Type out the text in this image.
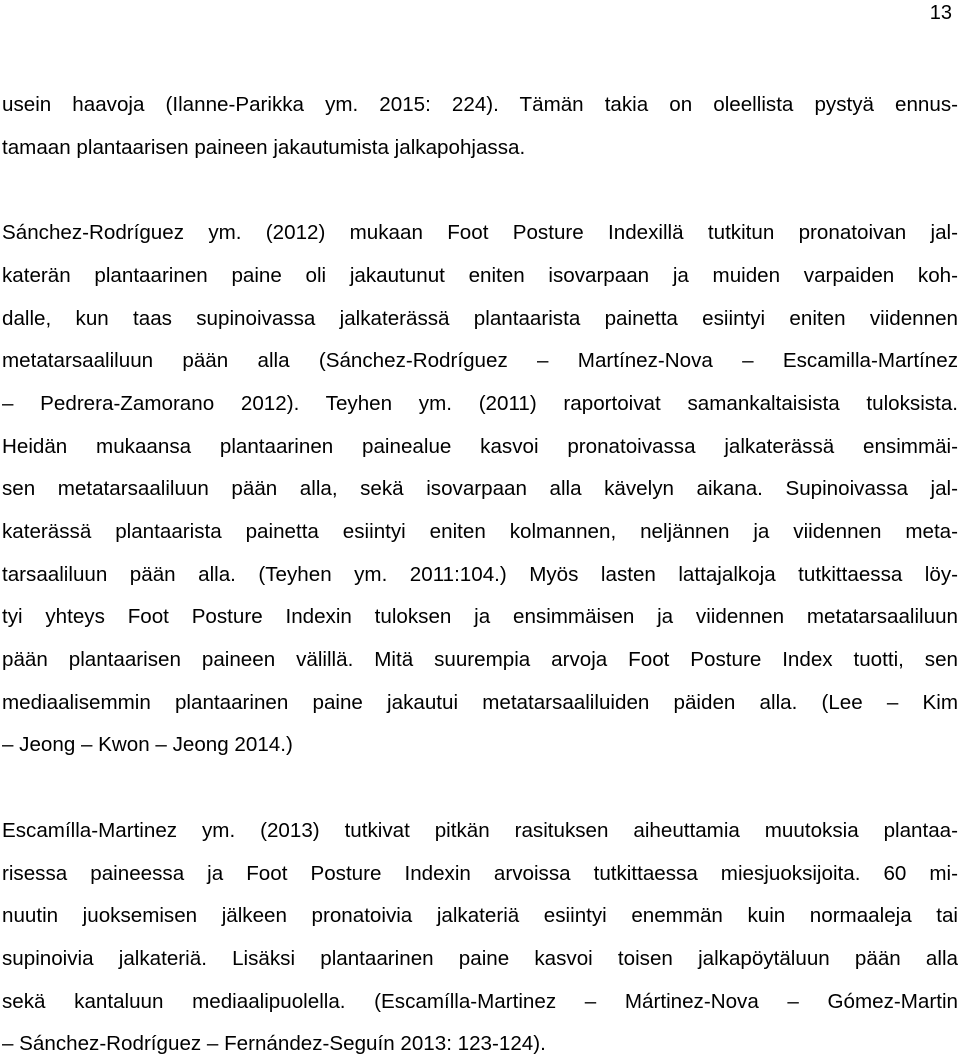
13
usein haavoja (Ilanne-Parikka ym. 2015: 224). Tämän takia on oleellista pystyä ennus-
tamaan plantaarisen paineen jakautumista jalkapohjassa.
Sánchez-Rodríguez ym. (2012) mukaan Foot Posture Indexillä tutkitun pronatoivan jal-
katerän plantaarinen paine oli jakautunut eniten isovarpaan ja muiden varpaiden koh-
dalle, kun taas supinoivassa jalkaterässä plantaarista painetta esiintyi eniten viidennen
metatarsaaliluun pään alla (Sánchez-Rodríguez – Martínez-Nova – Escamilla-Martínez
– Pedrera-Zamorano 2012). Teyhen ym. (2011) raportoivat samankaltaisista tuloksista.
Heidän mukaansa plantaarinen painealue kasvoi pronatoivassa jalkaterässä ensimmäi-
sen metatarsaaliluun pään alla, sekä isovarpaan alla kävelyn aikana. Supinoivassa jal-
katerässä plantaarista painetta esiintyi eniten kolmannen, neljännen ja viidennen meta-
tarsaaliluun pään alla. (Teyhen ym. 2011:104.) Myös lasten lattajalkoja tutkittaessa löy-
tyi yhteys Foot Posture Indexin tuloksen ja ensimmäisen ja viidennen metatarsaaliluun
pään plantaarisen paineen välillä. Mitä suurempia arvoja Foot Posture Index tuotti, sen
mediaalisemmin plantaarinen paine jakautui metatarsaaliluiden päiden alla. (Lee – Kim
– Jeong – Kwon – Jeong 2014.)
Escamílla-Martinez ym. (2013) tutkivat pitkän rasituksen aiheuttamia muutoksia plantaa-
risessa paineessa ja Foot Posture Indexin arvoissa tutkittaessa miesjuoksijoita. 60 mi-
nuutin juoksemisen jälkeen pronatoivia jalkateriä esiintyi enemmän kuin normaaleja tai
supinoivia jalkateriä. Lisäksi plantaarinen paine kasvoi toisen jalkapöytäluun pään alla
sekä kantaluun mediaalipuolella. (Escamílla-Martinez – Mártinez-Nova – Gómez-Martin
– Sánchez-Rodríguez – Fernández-Seguín 2013: 123-124).
